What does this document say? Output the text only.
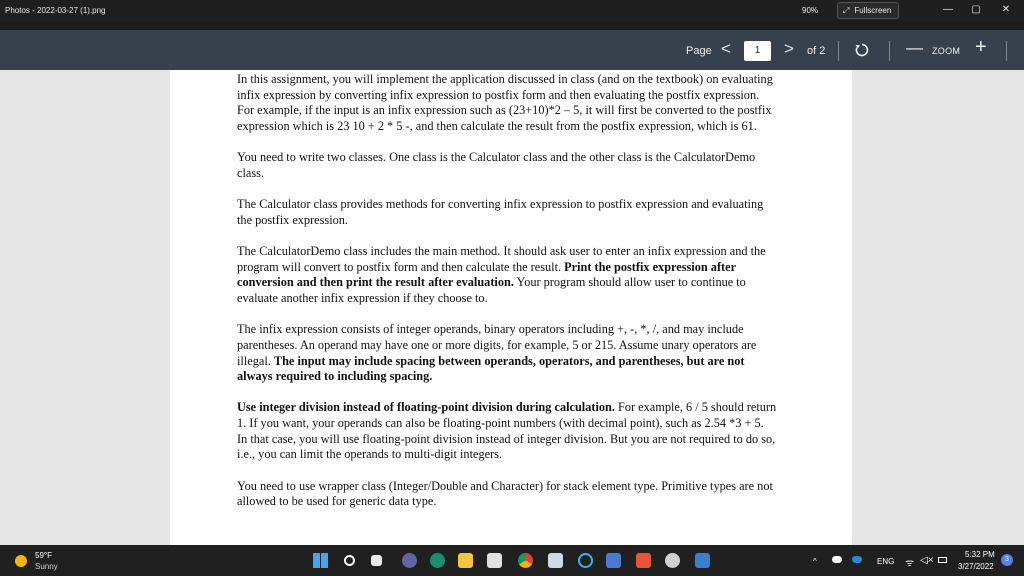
Photos - 2022-03-27 (1).png	90%	⤢ Fullscreen	— ▢ ✕
Page <	1	> of 2	— ZOOM +

In this assignment, you will implement the application discussed in class (and on the textbook) on evaluating infix expression by converting infix expression to postfix form and then evaluating the postfix expression. For example, if the input is an infix expression such as (23+10)*2 – 5, it will first be converted to the postfix expression which is 23 10 + 2 * 5 -, and then calculate the result from the postfix expression, which is 61.

You need to write two classes. One class is the Calculator class and the other class is the CalculatorDemo class.

The Calculator class provides methods for converting infix expression to postfix expression and evaluating the postfix expression.

The CalculatorDemo class includes the main method. It should ask user to enter an infix expression and the program will convert to postfix form and then calculate the result. Print the postfix expression after conversion and then print the result after evaluation. Your program should allow user to continue to evaluate another infix expression if they choose to.

The infix expression consists of integer operands, binary operators including +, -, *, /, and may include parentheses. An operand may have one or more digits, for example, 5 or 215. Assume unary operators are illegal. The input may include spacing between operands, operators, and parentheses, but are not always required to including spacing.

Use integer division instead of floating-point division during calculation. For example, 6 / 5 should return 1. If you want, your operands can also be floating-point numbers (with decimal point), such as 2.54 *3 + 5. In that case, you will use floating-point division instead of integer division. But you are not required to do so, i.e., you can limit the operands to multi-digit integers.

You need to use wrapper class (Integer/Double and Character) for stack element type. Primitive types are not allowed to be used for generic data type.

59°F
Sunny
^	ENG ᯤ ◁×
5:32 PM
3/27/2022
3
